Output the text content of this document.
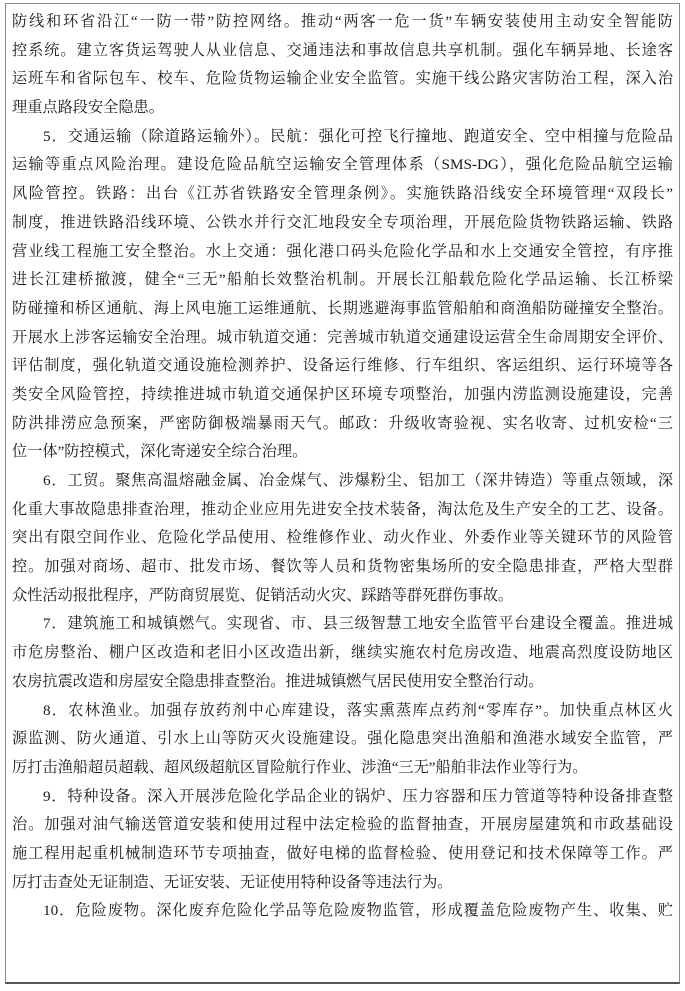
防线和环省沿江“一防一带”防控网络。推动“两客一危一货”车辆安装使用主动安全智能防
控系统。建立客货运驾驶人从业信息、交通违法和事故信息共享机制。强化车辆异地、长途客
运班车和省际包车、校车、危险货物运输企业安全监管。实施干线公路灾害防治工程，深入治
理重点路段安全隐患。
5．交通运输（除道路运输外）。民航：强化可控飞行撞地、跑道安全、空中相撞与危险品
运输等重点风险治理。建设危险品航空运输安全管理体系（SMS-DG），强化危险品航空运输
风险管控。铁路：出台《江苏省铁路安全管理条例》。实施铁路沿线安全环境管理“双段长”
制度，推进铁路沿线环境、公铁水并行交汇地段安全专项治理，开展危险货物铁路运输、铁路
营业线工程施工安全整治。水上交通：强化港口码头危险化学品和水上交通安全管控，有序推
进长江建桥撤渡，健全“三无”船舶长效整治机制。开展长江船载危险化学品运输、长江桥梁
防碰撞和桥区通航、海上风电施工运维通航、长期逃避海事监管船舶和商渔船防碰撞安全整治。
开展水上涉客运输安全治理。城市轨道交通：完善城市轨道交通建设运营全生命周期安全评价、
评估制度，强化轨道交通设施检测养护、设备运行维修、行车组织、客运组织、运行环境等各
类安全风险管控，持续推进城市轨道交通保护区环境专项整治，加强内涝监测设施建设，完善
防洪排涝应急预案，严密防御极端暴雨天气。邮政：升级收寄验视、实名收寄、过机安检“三
位一体”防控模式，深化寄递安全综合治理。
6．工贸。聚焦高温熔融金属、冶金煤气、涉爆粉尘、铝加工（深井铸造）等重点领域，深
化重大事故隐患排查治理，推动企业应用先进安全技术装备，淘汰危及生产安全的工艺、设备。
突出有限空间作业、危险化学品使用、检维修作业、动火作业、外委作业等关键环节的风险管
控。加强对商场、超市、批发市场、餐饮等人员和货物密集场所的安全隐患排查，严格大型群
众性活动报批程序，严防商贸展览、促销活动火灾、踩踏等群死群伤事故。
7．建筑施工和城镇燃气。实现省、市、县三级智慧工地安全监管平台建设全覆盖。推进城
市危房整治、棚户区改造和老旧小区改造出新，继续实施农村危房改造、地震高烈度设防地区
农房抗震改造和房屋安全隐患排查整治。推进城镇燃气居民使用安全整治行动。
8．农林渔业。加强存放药剂中心库建设，落实熏蒸库点药剂“零库存”。加快重点林区火
源监测、防火通道、引水上山等防灭火设施建设。强化隐患突出渔船和渔港水域安全监管，严
厉打击渔船超员超载、超风级超航区冒险航行作业、涉渔“三无”船舶非法作业等行为。
9．特种设备。深入开展涉危险化学品企业的锅炉、压力容器和压力管道等特种设备排查整
治。加强对油气输送管道安装和使用过程中法定检验的监督抽查，开展房屋建筑和市政基础设
施工程用起重机械制造环节专项抽查，做好电梯的监督检验、使用登记和技术保障等工作。严
厉打击查处无证制造、无证安装、无证使用特种设备等违法行为。
10．危险废物。深化废弃危险化学品等危险废物监管，形成覆盖危险废物产生、收集、贮
